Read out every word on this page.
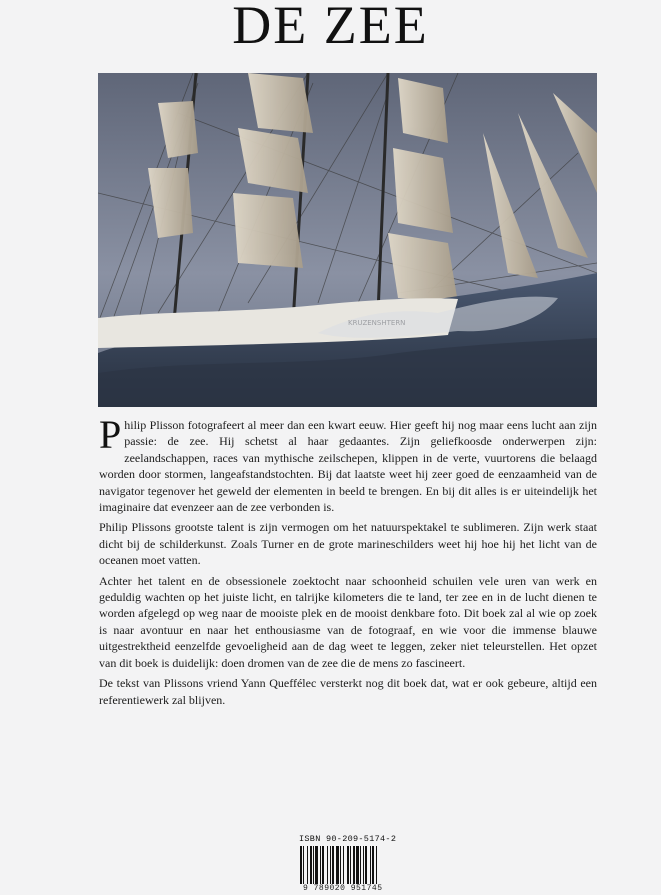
DE ZEE

Philip Plisson fotografeert al meer dan een kwart eeuw. Hier geeft hij nog maar eens lucht aan zijn passie: de zee. Hij schetst al haar gedaantes. Zijn geliefkoosde onderwerpen zijn: zeelandschappen, races van mythische zeilschepen, klippen in de verte, vuurtorens die belaagd worden door stormen, langeafstandstochten. Bij dat laatste weet hij zeer goed de eenzaamheid van de navigator tegenover het geweld der elementen in beeld te brengen. En bij dit alles is er uiteindelijk het imaginaire dat evenzeer aan de zee verbonden is.

Philip Plissons grootste talent is zijn vermogen om het natuurspektakel te sublimeren. Zijn werk staat dicht bij de schilderkunst. Zoals Turner en de grote marineschilders weet hij hoe hij het licht van de oceanen moet vatten.

Achter het talent en de obsessionele zoektocht naar schoonheid schuilen vele uren van werk en geduldig wachten op het juiste licht, en talrijke kilometers die te land, ter zee en in de lucht dienen te worden afgelegd op weg naar de mooiste plek en de mooist denkbare foto. Dit boek zal al wie op zoek is naar avontuur en naar het enthousiasme van de fotograaf, en wie voor die immense blauwe uitgestrektheid eenzelfde gevoeligheid aan de dag weet te leggen, zeker niet teleurstellen. Het opzet van dit boek is duidelijk: doen dromen van de zee die de mens zo fascineert.

De tekst van Plissons vriend Yann Queffélec versterkt nog dit boek dat, wat er ook gebeure, altijd een referentiewerk zal blijven.

ISBN 90-209-5174-2
9 789020 951745
